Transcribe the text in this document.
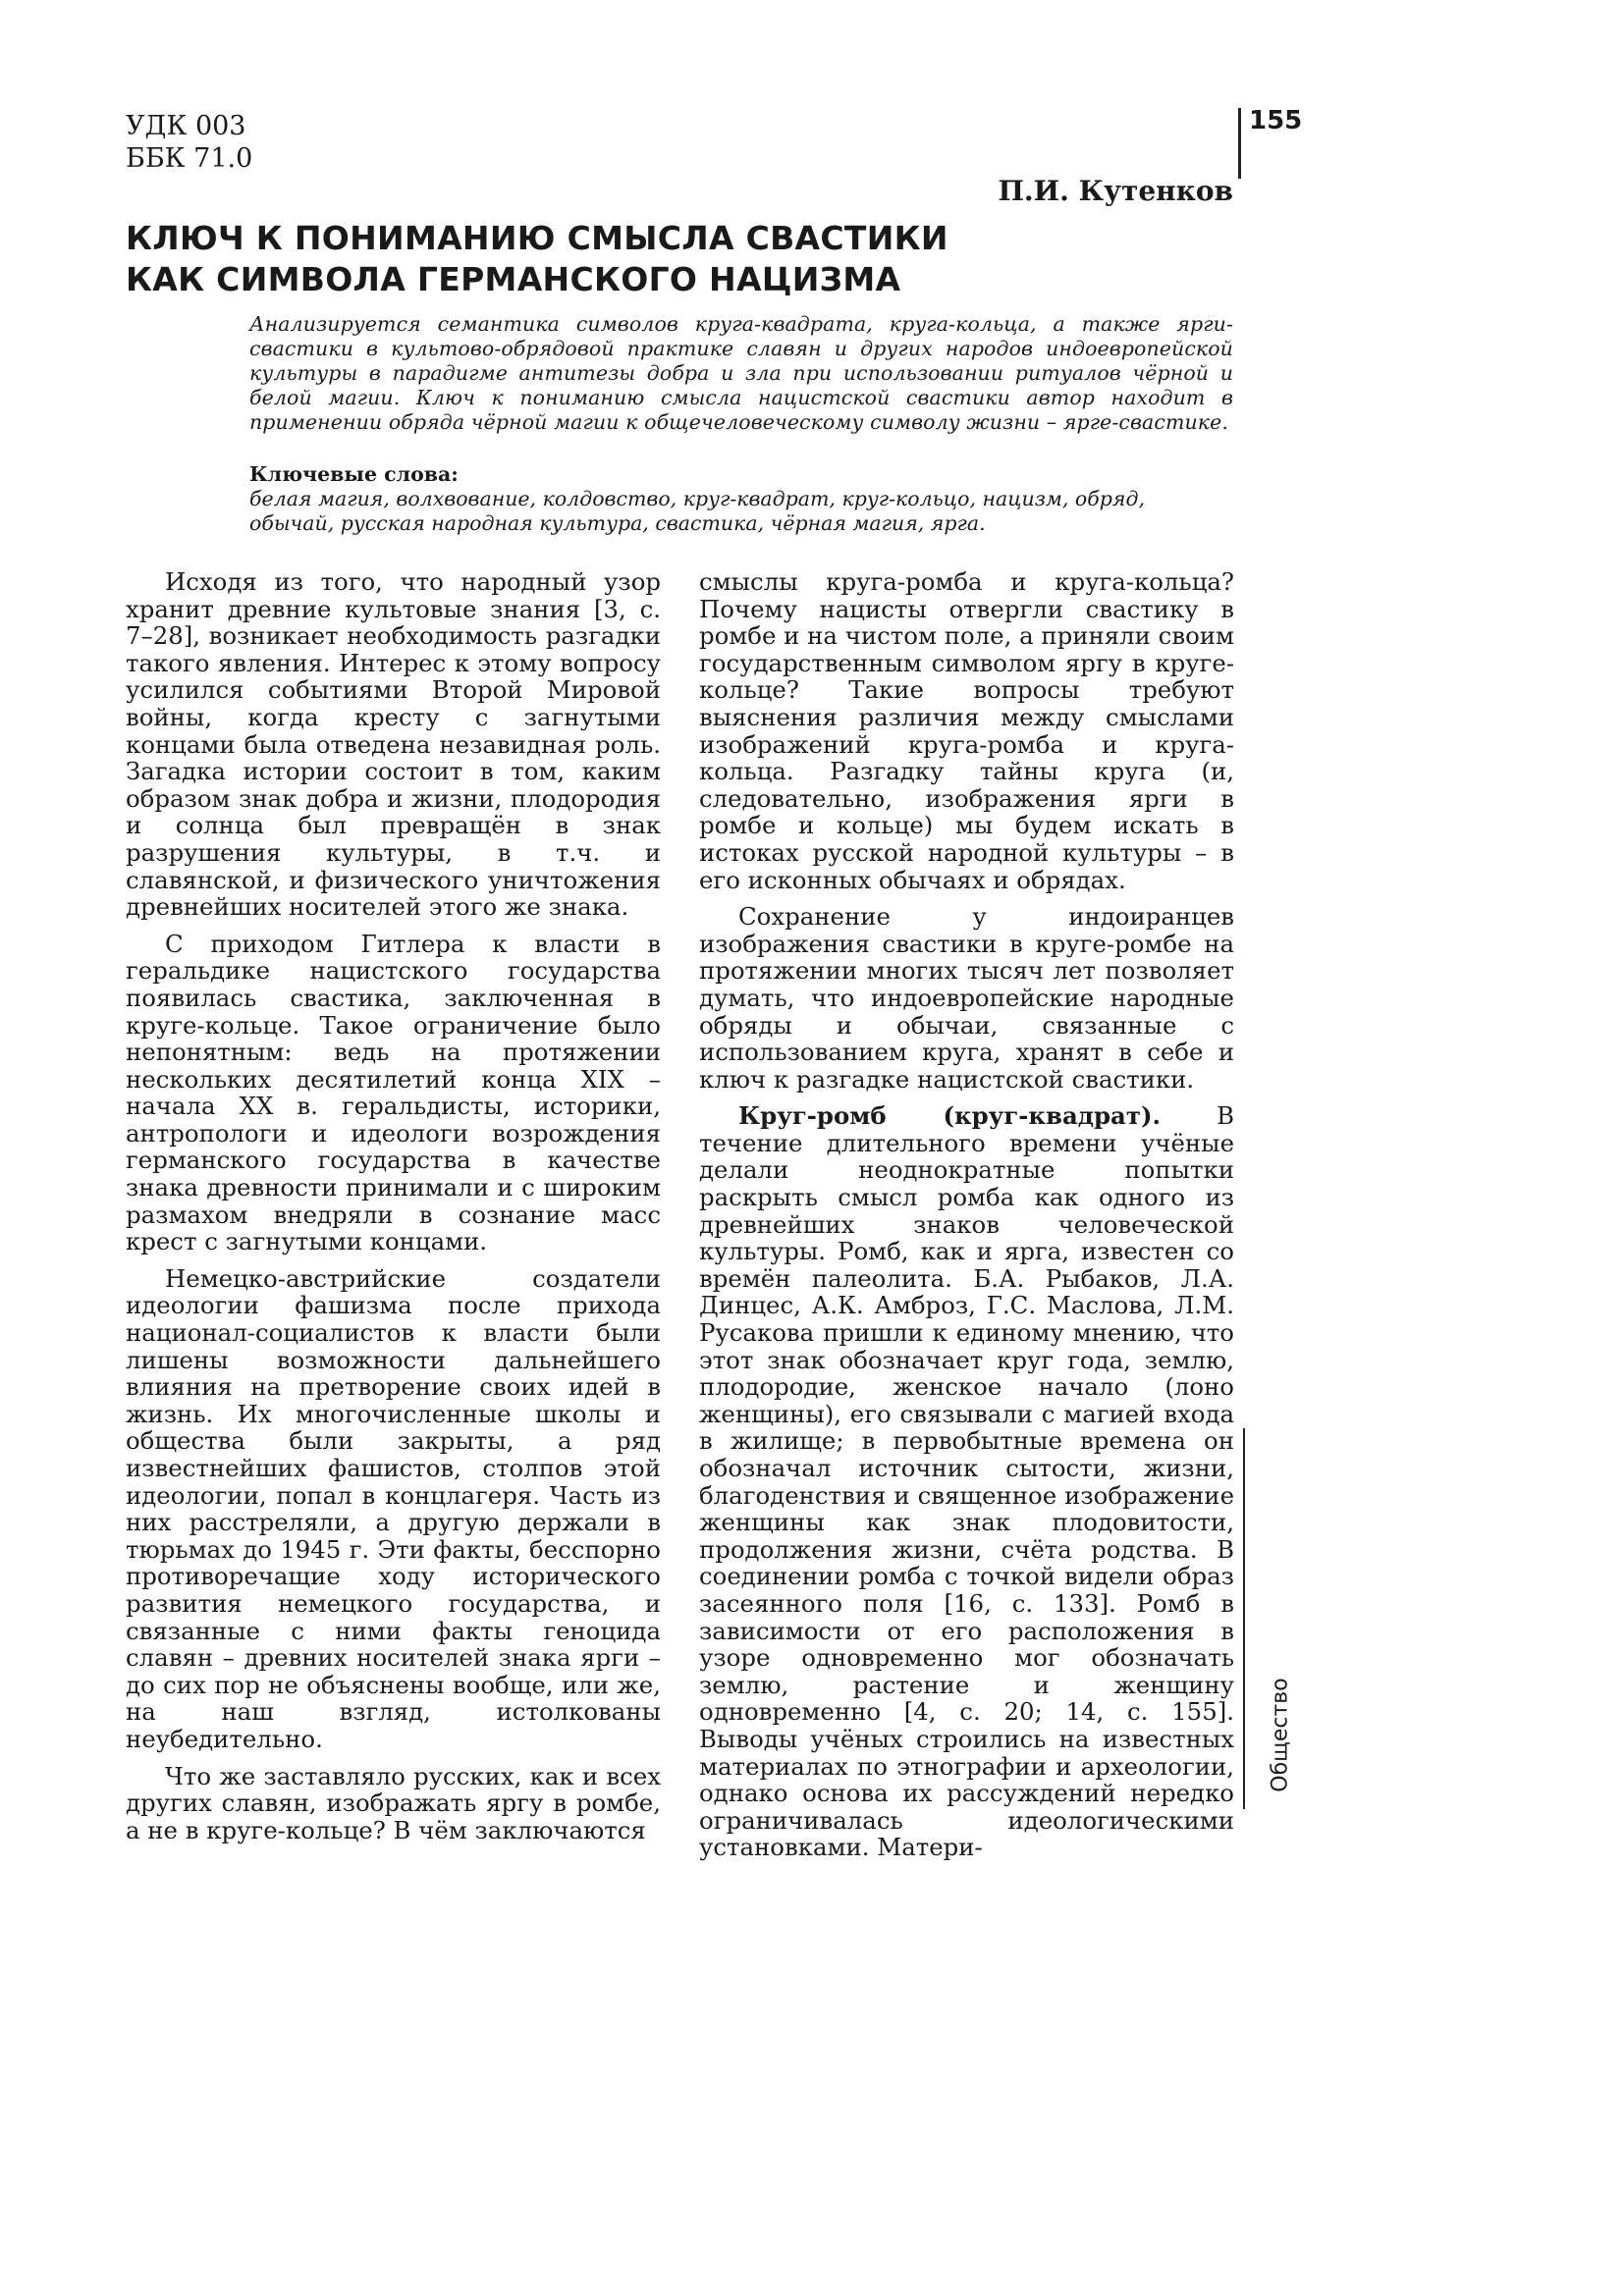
УДК 003
ББК 71.0
155
П.И. Кутенков
КЛЮЧ К ПОНИМАНИЮ СМЫСЛА СВАСТИКИ
КАК СИМВОЛА ГЕРМАНСКОГО НАЦИЗМА
Анализируется семантика символов круга-квадрата, круга-кольца, а также ярги-свастики в культово-обрядовой практике славян и других народов индоевропейской культуры в парадигме антитезы добра и зла при использовании ритуалов чёрной и белой магии. Ключ к пониманию смысла нацистской свастики автор находит в применении обряда чёрной магии к общечеловеческому символу жизни – ярге-свастике.
Ключевые слова:
белая магия, волхвование, колдовство, круг-квадрат, круг-кольцо, нацизм, обряд, обычай, русская народная культура, свастика, чёрная магия, ярга.

Исходя из того, что народный узор хранит древние культовые знания [3, с. 7–28], возникает необходимость разгадки такого явления. Интерес к этому вопросу усилился событиями Второй Мировой войны, когда кресту с загнутыми концами была отведена незавидная роль. Загадка истории состоит в том, каким образом знак добра и жизни, плодородия и солнца был превращён в знак разрушения культуры, в т.ч. и славянской, и физического уничтожения древнейших носителей этого же знака.

С приходом Гитлера к власти в геральдике нацистского государства появилась свастика, заключенная в круге-кольце. Такое ограничение было непонятным: ведь на протяжении нескольких десятилетий конца XIX – начала XX в. геральдисты, историки, антропологи и идеологи возрождения германского государства в качестве знака древности принимали и с широким размахом внедряли в сознание масс крест с загнутыми концами.

Немецко-австрийские создатели идеологии фашизма после прихода национал-социалистов к власти были лишены возможности дальнейшего влияния на претворение своих идей в жизнь. Их многочисленные школы и общества были закрыты, а ряд известнейших фашистов, столпов этой идеологии, попал в концлагеря. Часть из них расстреляли, а другую держали в тюрьмах до 1945 г. Эти факты, бесспорно противоречащие ходу исторического развития немецкого государства, и связанные с ними факты геноцида славян – древних носителей знака ярги – до сих пор не объяснены вообще, или же, на наш взгляд, истолкованы неубедительно.

Что же заставляло русских, как и всех других славян, изображать яргу в ромбе, а не в круге-кольце? В чём заключаются

смыслы круга-ромба и круга-кольца? Почему нацисты отвергли свастику в ромбе и на чистом поле, а приняли своим государственным символом яргу в круге-кольце? Такие вопросы требуют выяснения различия между смыслами изображений круга-ромба и круга-кольца. Разгадку тайны круга (и, следовательно, изображения ярги в ромбе и кольце) мы будем искать в истоках русской народной культуры – в его исконных обычаях и обрядах.

Сохранение у индоиранцев изображения свастики в круге-ромбе на протяжении многих тысяч лет позволяет думать, что индоевропейские народные обряды и обычаи, связанные с использованием круга, хранят в себе и ключ к разгадке нацистской свастики.

Круг-ромб (круг-квадрат). В течение длительного времени учёные делали неоднократные попытки раскрыть смысл ромба как одного из древнейших знаков человеческой культуры. Ромб, как и ярга, известен со времён палеолита. Б.А. Рыбаков, Л.А. Динцес, А.К. Амброз, Г.С. Маслова, Л.М. Русакова пришли к единому мнению, что этот знак обозначает круг года, землю, плодородие, женское начало (лоно женщины), его связывали с магией входа в жилище; в первобытные времена он обозначал источник сытости, жизни, благоденствия и священное изображение женщины как знак плодовитости, продолжения жизни, счёта родства. В соединении ромба с точкой видели образ засеянного поля [16, с. 133]. Ромб в зависимости от его расположения в узоре одновременно мог обозначать землю, растение и женщину одновременно [4, с. 20; 14, с. 155]. Выводы учёных строились на известных материалах по этнографии и археологии, однако основа их рассуждений нередко ограничивалась идеологическими установками. Матери-

Общество
